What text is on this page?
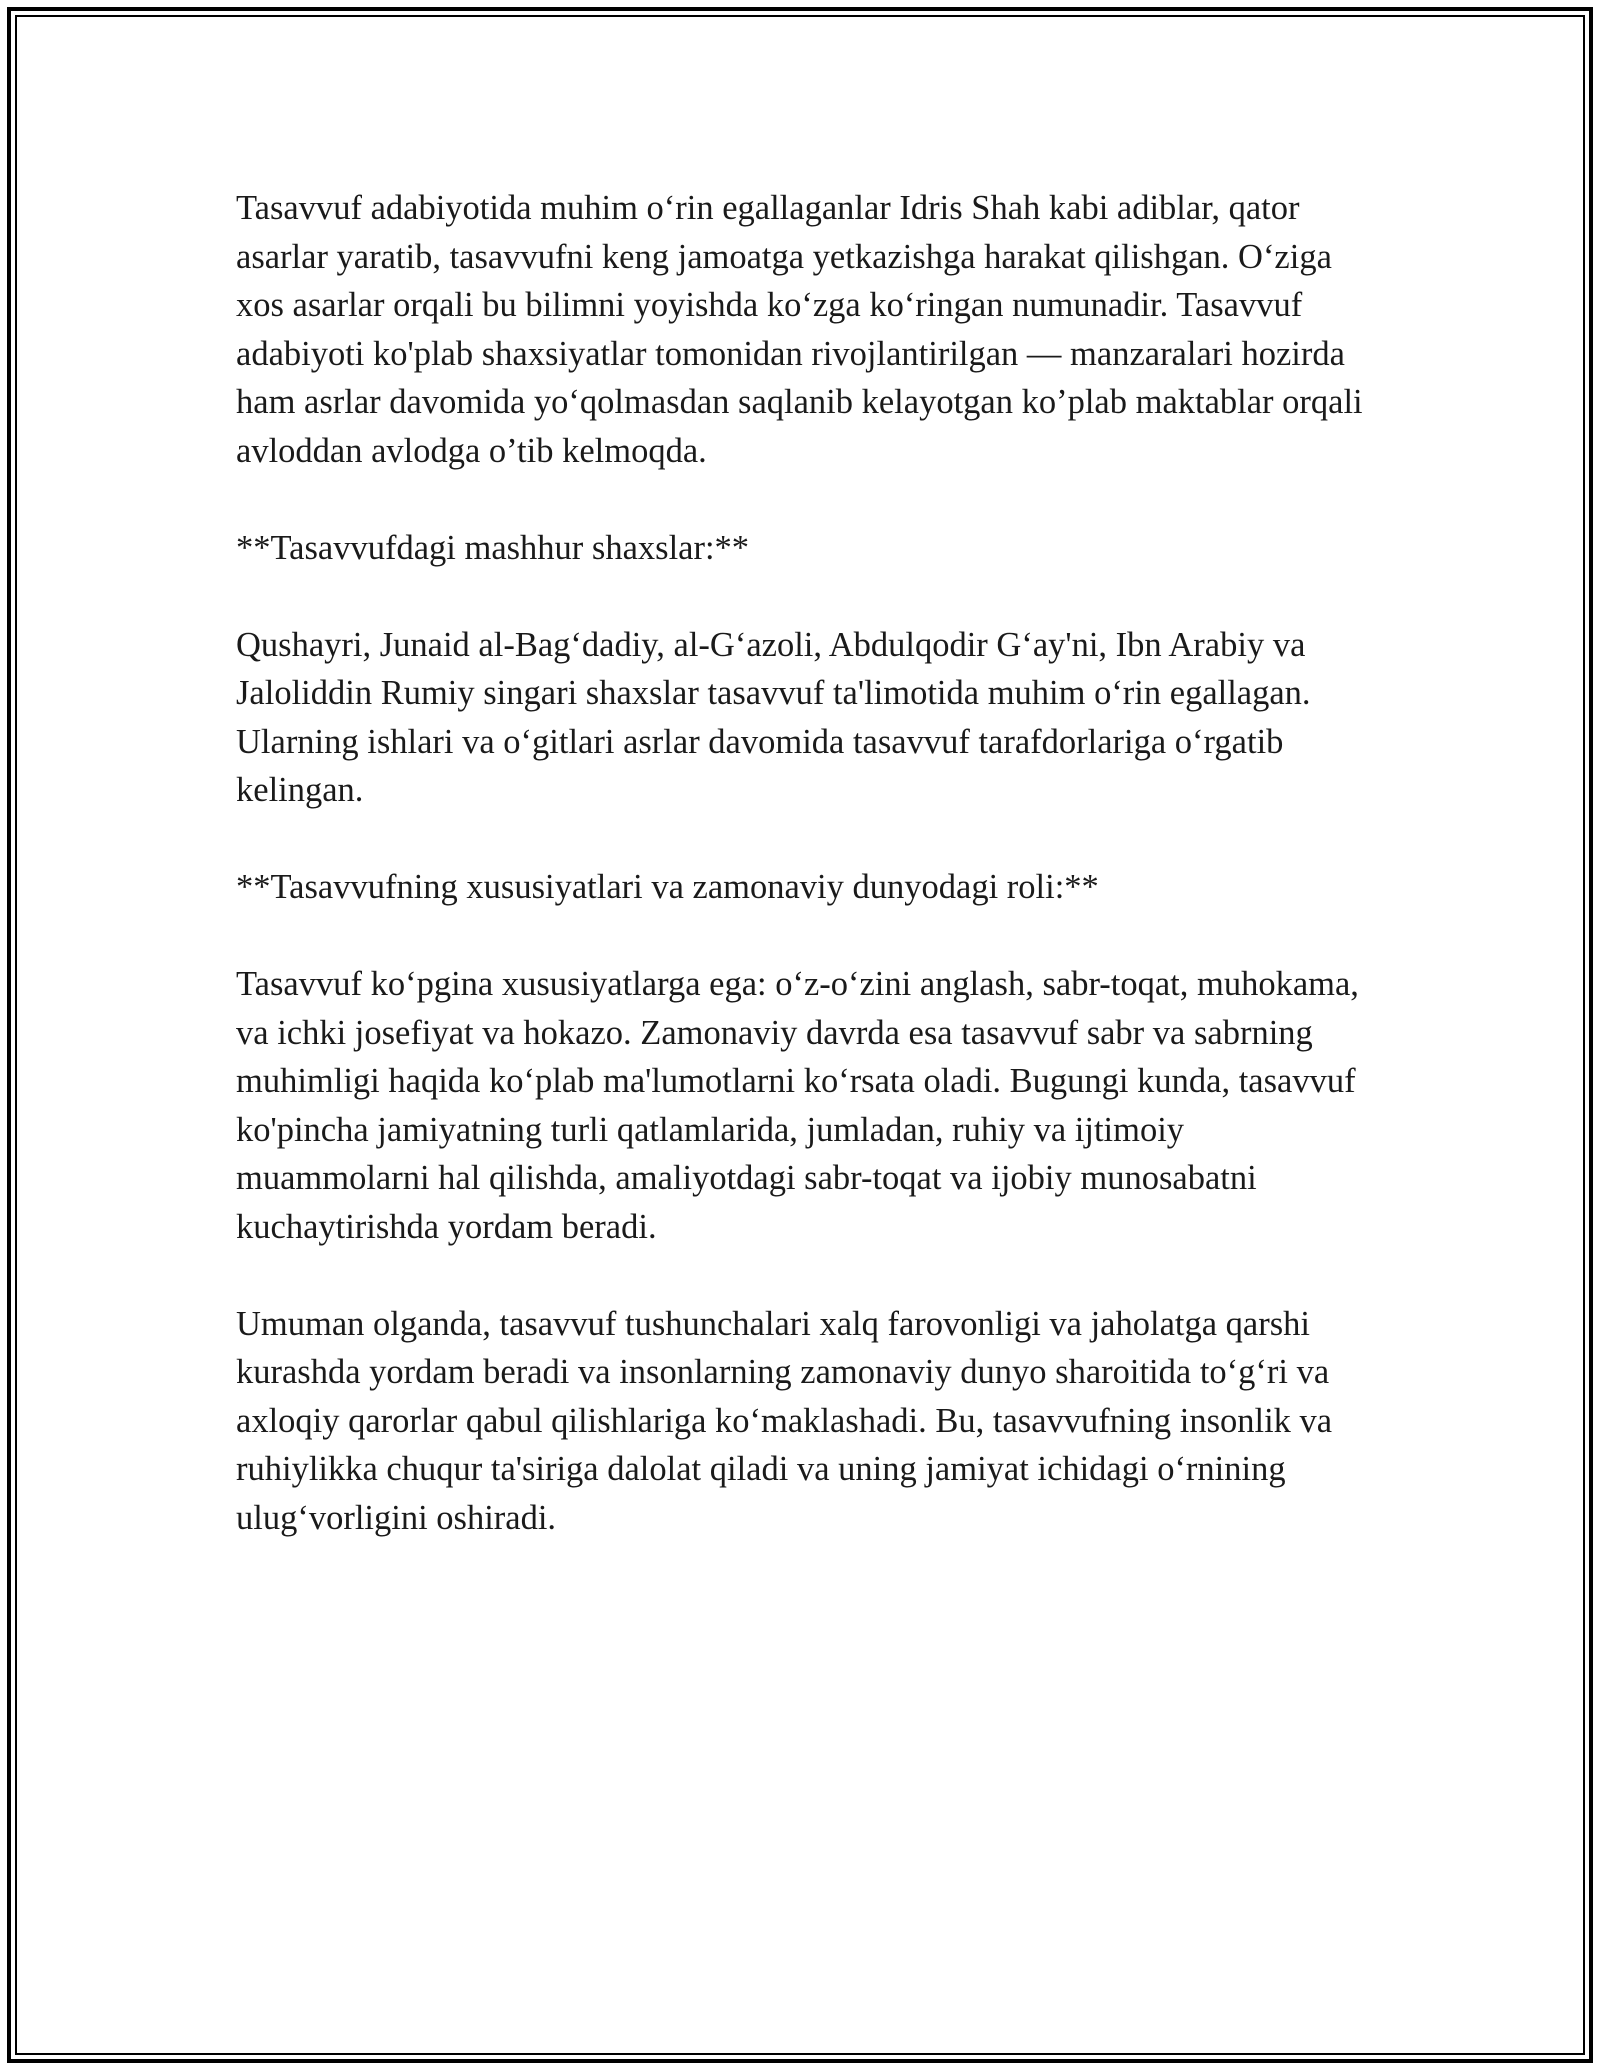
Tasavvuf adabiyotida muhim o‘rin egallaganlar Idris Shah kabi adiblar, qator asarlar yaratib, tasavvufni keng jamoatga yetkazishga harakat qilishgan. O‘ziga xos asarlar orqali bu bilimni yoyishda ko‘zga ko‘ringan numunadir. Tasavvuf adabiyoti ko'plab shaxsiyatlar tomonidan rivojlantirilgan — manzaralari hozirda ham asrlar davomida yo‘qolmasdan saqlanib kelayotgan ko’plab maktablar orqali avloddan avlodga o’tib kelmoqda.

**Tasavvufdagi mashhur shaxslar:**

Qushayri, Junaid al-Bag‘dadiy, al-G‘azoli, Abdulqodir G‘ay'ni, Ibn Arabiy va Jaloliddin Rumiy singari shaxslar tasavvuf ta'limotida muhim o‘rin egallagan. Ularning ishlari va o‘gitlari asrlar davomida tasavvuf tarafdorlariga o‘rgatib kelingan.

**Tasavvufning xususiyatlari va zamonaviy dunyodagi roli:**

Tasavvuf ko‘pgina xususiyatlarga ega: o‘z-o‘zini anglash, sabr-toqat, muhokama, va ichki josefiyat va hokazo. Zamonaviy davrda esa tasavvuf sabr va sabrning muhimligi haqida ko‘plab ma'lumotlarni ko‘rsata oladi. Bugungi kunda, tasavvuf ko'pincha jamiyatning turli qatlamlarida, jumladan, ruhiy va ijtimoiy muammolarni hal qilishda, amaliyotdagi sabr-toqat va ijobiy munosabatni kuchaytirishda yordam beradi.

Umuman olganda, tasavvuf tushunchalari xalq farovonligi va jaholatga qarshi kurashda yordam beradi va insonlarning zamonaviy dunyo sharoitida to‘g‘ri va axloqiy qarorlar qabul qilishlariga ko‘maklashadi. Bu, tasavvufning insonlik va ruhiylikka chuqur ta'siriga dalolat qiladi va uning jamiyat ichidagi o‘rnining ulug‘vorligini oshiradi.
